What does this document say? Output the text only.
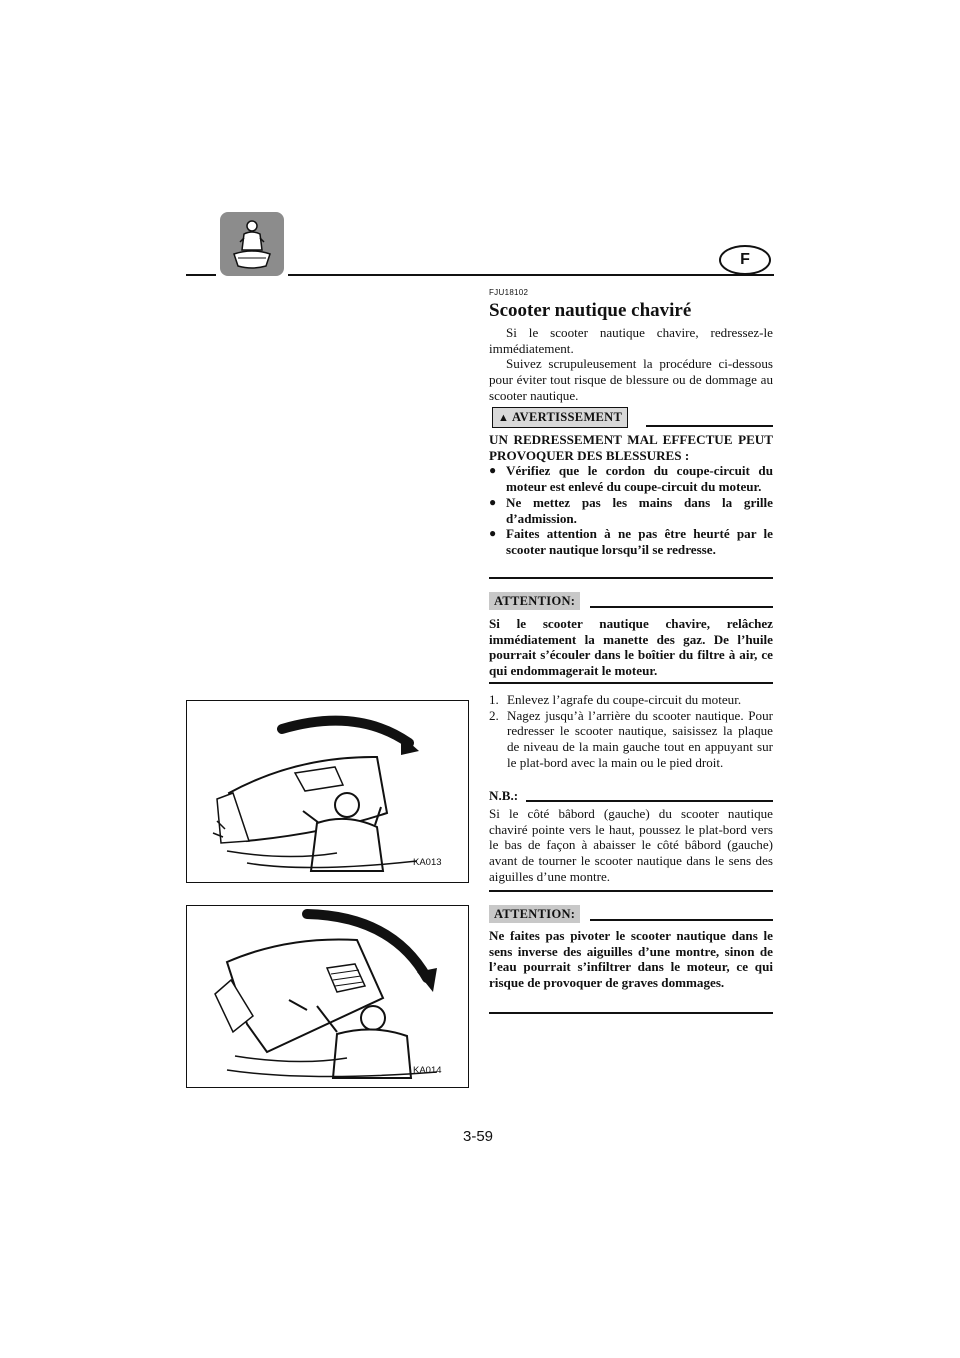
F
FJU18102
Scooter nautique chaviré

Si le scooter nautique chavire, redressez-le immédiatement.

Suivez scrupuleusement la procédure ci-dessous pour éviter tout risque de blessure ou de dommage au scooter nautique.

▲ AVERTISSEMENT

UN REDRESSEMENT MAL EFFECTUE PEUT PROVOQUER DES BLESSURES :

● Vérifiez que le cordon du coupe-circuit du moteur est enlevé du coupe-circuit du moteur.
● Ne mettez pas les mains dans la grille d’admission.
● Faites attention à ne pas être heurté par le scooter nautique lorsqu’il se redresse.
ATTENTION:

Si le scooter nautique chavire, relâchez immédiatement la manette des gaz. De l’huile pourrait s’écouler dans le boîtier du filtre à air, ce qui endommagerait le moteur.

1. Enlevez l’agrafe du coupe-circuit du moteur.
2. Nagez jusqu’à l’arrière du scooter nautique. Pour redresser le scooter nautique, saisissez la plaque de niveau de la main gauche tout en appuyant sur le plat-bord avec la main ou le pied droit.
N.B.:

Si le côté bâbord (gauche) du scooter nautique chaviré pointe vers le haut, poussez le plat-bord vers le bas de façon à abaisser le côté bâbord (gauche) avant de tourner le scooter nautique dans le sens des aiguilles d’une montre.

ATTENTION:

Ne faites pas pivoter le scooter nautique dans le sens inverse des aiguilles d’une montre, sinon de l’eau pourrait s’infiltrer dans le moteur, ce qui risque de provoquer de graves dommages.

KA013
KA014
3-59
